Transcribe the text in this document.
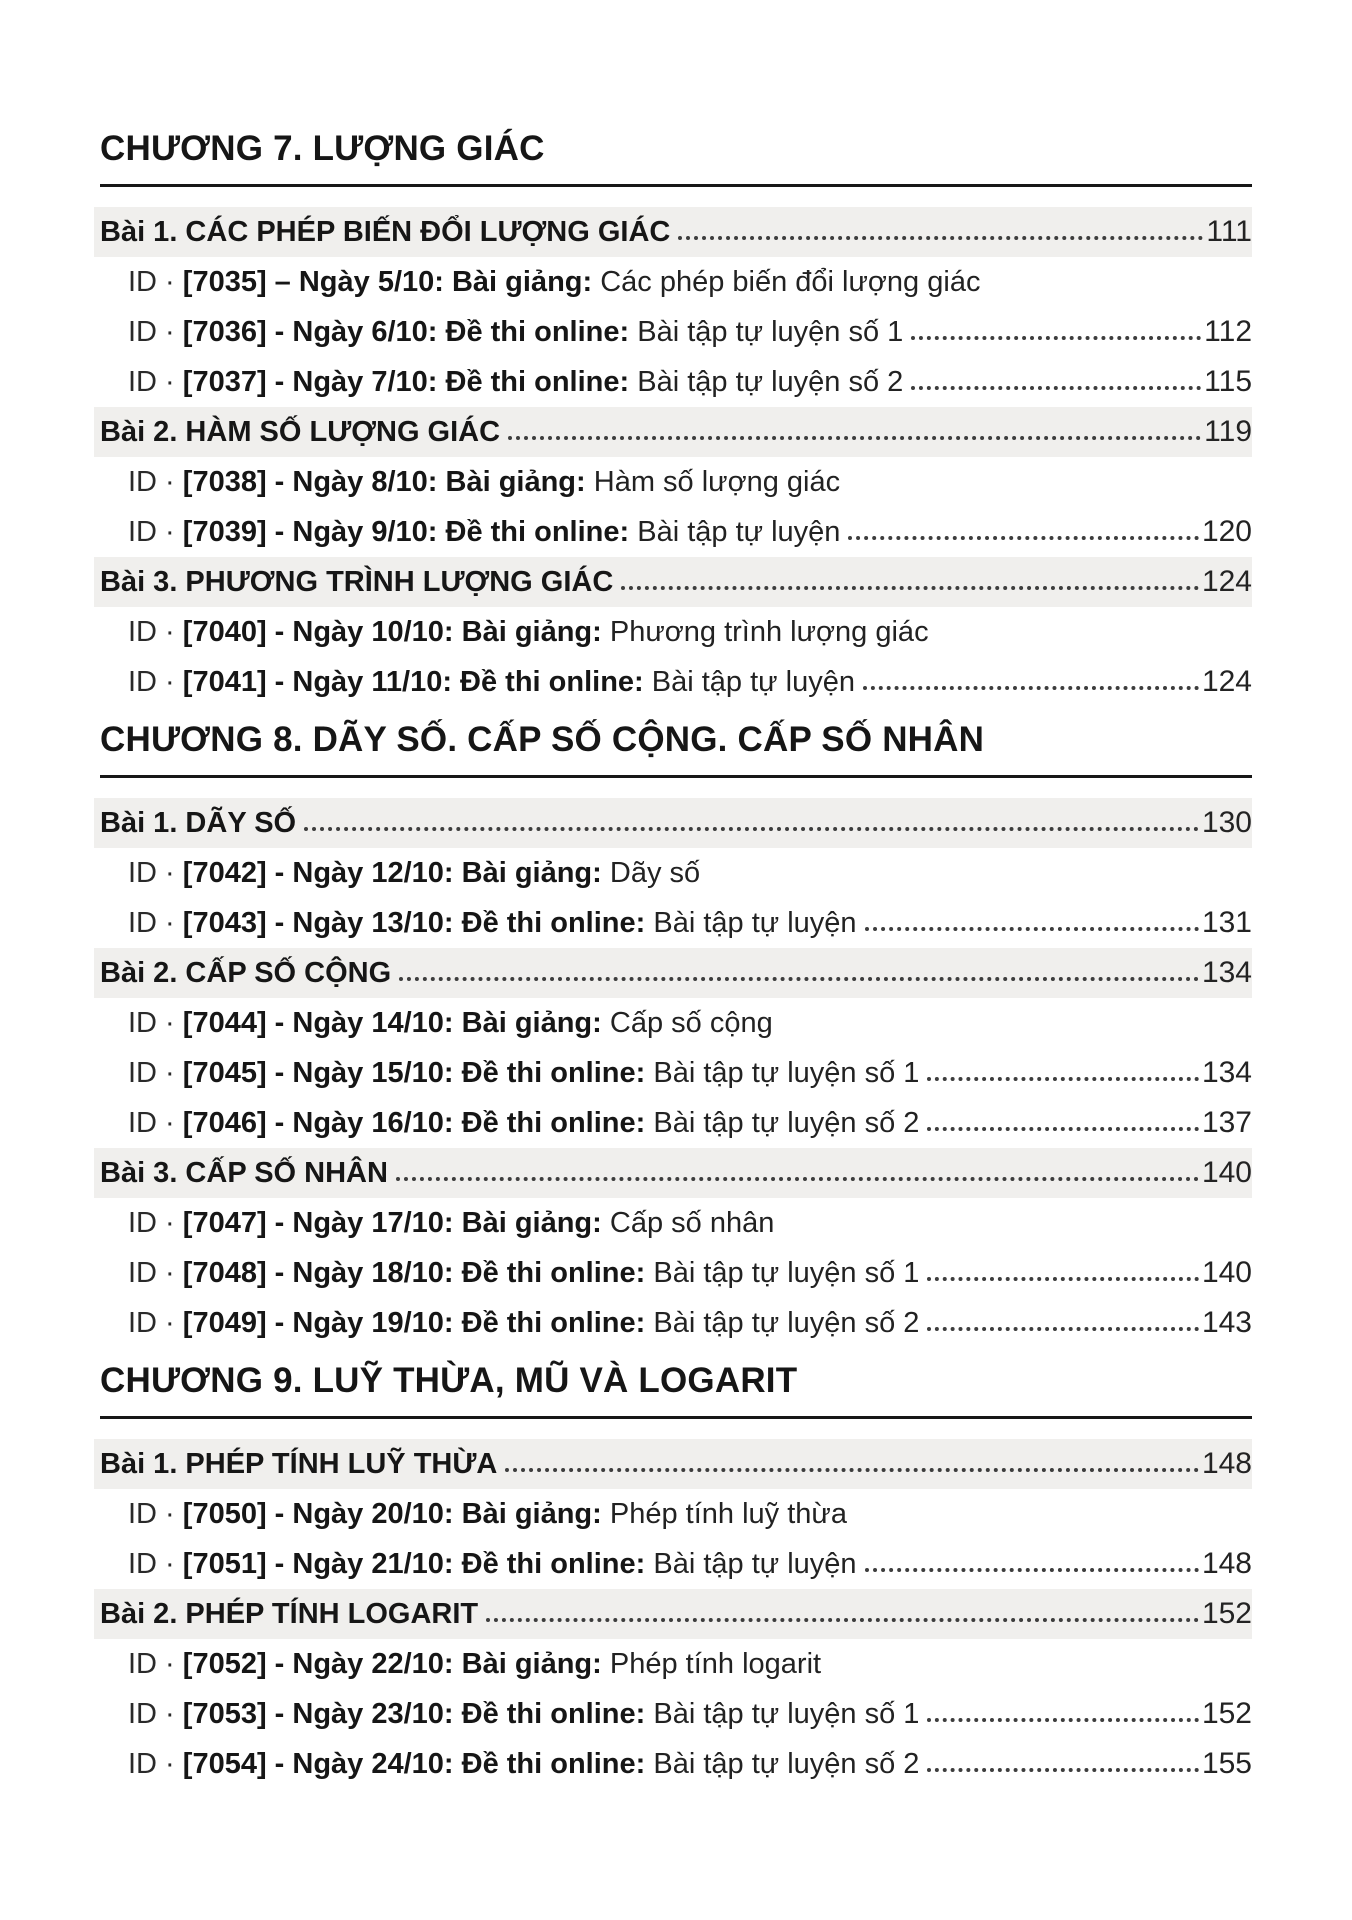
CHƯƠNG 7. LƯỢNG GIÁC
Bài 1. CÁC PHÉP BIẾN ĐỔI LƯỢNG GIÁC	111
ID · [7035] – Ngày 5/10: Bài giảng: Các phép biến đổi lượng giác
ID · [7036] - Ngày 6/10: Đề thi online: Bài tập tự luyện số 1	112
ID · [7037] - Ngày 7/10: Đề thi online: Bài tập tự luyện số 2	115
Bài 2. HÀM SỐ LƯỢNG GIÁC	119
ID · [7038] - Ngày 8/10: Bài giảng: Hàm số lượng giác
ID · [7039] - Ngày 9/10: Đề thi online: Bài tập tự luyện	120
Bài 3. PHƯƠNG TRÌNH LƯỢNG GIÁC	124
ID · [7040] - Ngày 10/10: Bài giảng: Phương trình lượng giác
ID · [7041] - Ngày 11/10: Đề thi online: Bài tập tự luyện	124
CHƯƠNG 8. DÃY SỐ. CẤP SỐ CỘNG. CẤP SỐ NHÂN
Bài 1. DÃY SỐ	130
ID · [7042] - Ngày 12/10: Bài giảng: Dãy số
ID · [7043] - Ngày 13/10: Đề thi online: Bài tập tự luyện	131
Bài 2. CẤP SỐ CỘNG	134
ID · [7044] - Ngày 14/10: Bài giảng: Cấp số cộng
ID · [7045] - Ngày 15/10: Đề thi online: Bài tập tự luyện số 1	134
ID · [7046] - Ngày 16/10: Đề thi online: Bài tập tự luyện số 2	137
Bài 3. CẤP SỐ NHÂN	140
ID · [7047] - Ngày 17/10: Bài giảng: Cấp số nhân
ID · [7048] - Ngày 18/10: Đề thi online: Bài tập tự luyện số 1	140
ID · [7049] - Ngày 19/10: Đề thi online: Bài tập tự luyện số 2	143
CHƯƠNG 9. LUỸ THỪA, MŨ VÀ LOGARIT
Bài 1. PHÉP TÍNH LUỸ THỪA	148
ID · [7050] - Ngày 20/10: Bài giảng: Phép tính luỹ thừa
ID · [7051] - Ngày 21/10: Đề thi online: Bài tập tự luyện	148
Bài 2. PHÉP TÍNH LOGARIT	152
ID · [7052] - Ngày 22/10: Bài giảng: Phép tính logarit
ID · [7053] - Ngày 23/10: Đề thi online: Bài tập tự luyện số 1	152
ID · [7054] - Ngày 24/10: Đề thi online: Bài tập tự luyện số 2	155
